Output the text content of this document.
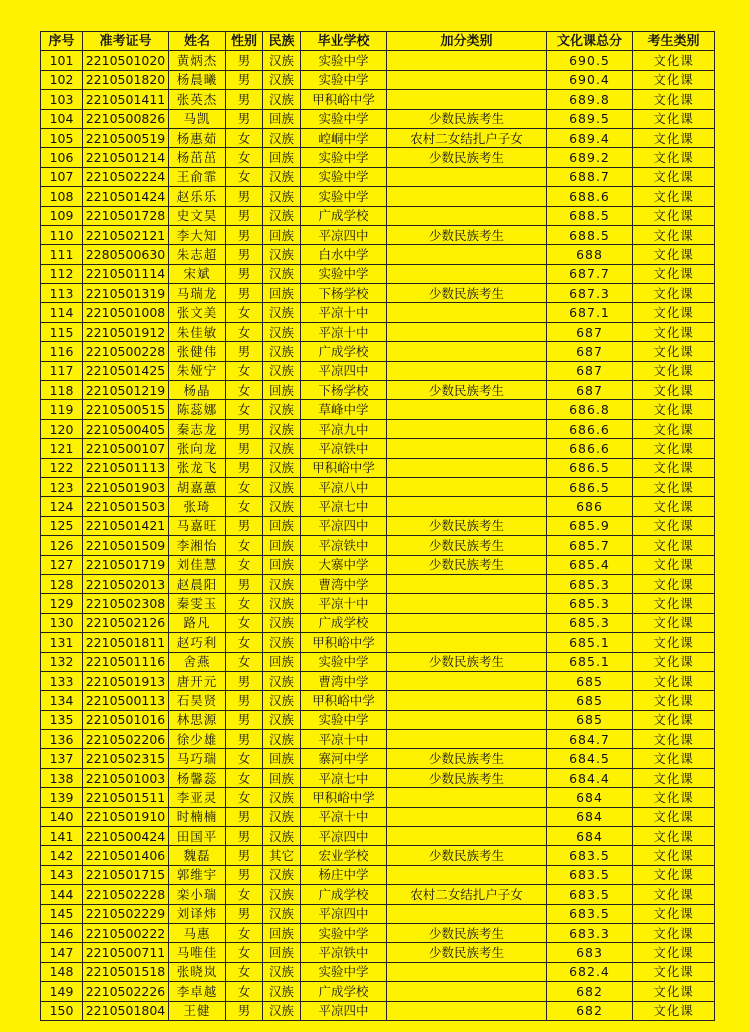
序号	准考证号	姓名	性别	民族	毕业学校	加分类别	文化课总分	考生类别
101	2210501020	黄炳杰	男	汉族	实验中学		690.5	文化课
102	2210501820	杨晨曦	男	汉族	实验中学		690.4	文化课
103	2210501411	张英杰	男	汉族	甲积峪中学		689.8	文化课
104	2210500826	马凯	男	回族	实验中学	少数民族考生	689.5	文化课
105	2210500519	杨惠茹	女	汉族	崆峒中学	农村二女结扎户子女	689.4	文化课
106	2210501214	杨茁茁	女	回族	实验中学	少数民族考生	689.2	文化课
107	2210502224	王俞霏	女	汉族	实验中学		688.7	文化课
108	2210501424	赵乐乐	男	汉族	实验中学		688.6	文化课
109	2210501728	史文昊	男	汉族	广成学校		688.5	文化课
110	2210502121	李大知	男	回族	平凉四中	少数民族考生	688.5	文化课
111	2280500630	朱志超	男	汉族	白水中学		688	文化课
112	2210501114	宋斌	男	汉族	实验中学		687.7	文化课
113	2210501319	马瑞龙	男	回族	下杨学校	少数民族考生	687.3	文化课
114	2210501008	张文美	女	汉族	平凉十中		687.1	文化课
115	2210501912	朱佳敏	女	汉族	平凉十中		687	文化课
116	2210500228	张健伟	男	汉族	广成学校		687	文化课
117	2210501425	朱娅宁	女	汉族	平凉四中		687	文化课
118	2210501219	杨晶	女	回族	下杨学校	少数民族考生	687	文化课
119	2210500515	陈蕊娜	女	汉族	草峰中学		686.8	文化课
120	2210500405	秦志龙	男	汉族	平凉九中		686.6	文化课
121	2210500107	张向龙	男	汉族	平凉铁中		686.6	文化课
122	2210501113	张龙飞	男	汉族	甲积峪中学		686.5	文化课
123	2210501903	胡嘉蕙	女	汉族	平凉八中		686.5	文化课
124	2210501503	张琦	女	汉族	平凉七中		686	文化课
125	2210501421	马嘉旺	男	回族	平凉四中	少数民族考生	685.9	文化课
126	2210501509	李湘怡	女	回族	平凉铁中	少数民族考生	685.7	文化课
127	2210501719	刘佳慧	女	回族	大寨中学	少数民族考生	685.4	文化课
128	2210502013	赵晨阳	男	汉族	曹湾中学		685.3	文化课
129	2210502308	秦雯玉	女	汉族	平凉十中		685.3	文化课
130	2210502126	路凡	女	汉族	广成学校		685.3	文化课
131	2210501811	赵巧利	女	汉族	甲积峪中学		685.1	文化课
132	2210501116	舍燕	女	回族	实验中学	少数民族考生	685.1	文化课
133	2210501913	唐开元	男	汉族	曹湾中学		685	文化课
134	2210500113	石昊贤	男	汉族	甲积峪中学		685	文化课
135	2210501016	林思源	男	汉族	实验中学		685	文化课
136	2210502206	徐少雄	男	汉族	平凉十中		684.7	文化课
137	2210502315	马巧瑞	女	回族	寨河中学	少数民族考生	684.5	文化课
138	2210501003	杨馨蕊	女	回族	平凉七中	少数民族考生	684.4	文化课
139	2210501511	李亚灵	女	汉族	甲积峪中学		684	文化课
140	2210501910	时楠楠	男	汉族	平凉十中		684	文化课
141	2210500424	田国平	男	汉族	平凉四中		684	文化课
142	2210501406	魏磊	男	其它	宏业学校	少数民族考生	683.5	文化课
143	2210501715	郭维宇	男	汉族	杨庄中学		683.5	文化课
144	2210502228	栾小瑞	女	汉族	广成学校	农村二女结扎户子女	683.5	文化课
145	2210502229	刘译炜	男	汉族	平凉四中		683.5	文化课
146	2210500222	马惠	女	回族	实验中学	少数民族考生	683.3	文化课
147	2210500711	马唯佳	女	回族	平凉铁中	少数民族考生	683	文化课
148	2210501518	张晓岚	女	汉族	实验中学		682.4	文化课
149	2210502226	李卓越	女	汉族	广成学校		682	文化课
150	2210501804	王健	男	汉族	平凉四中		682	文化课
